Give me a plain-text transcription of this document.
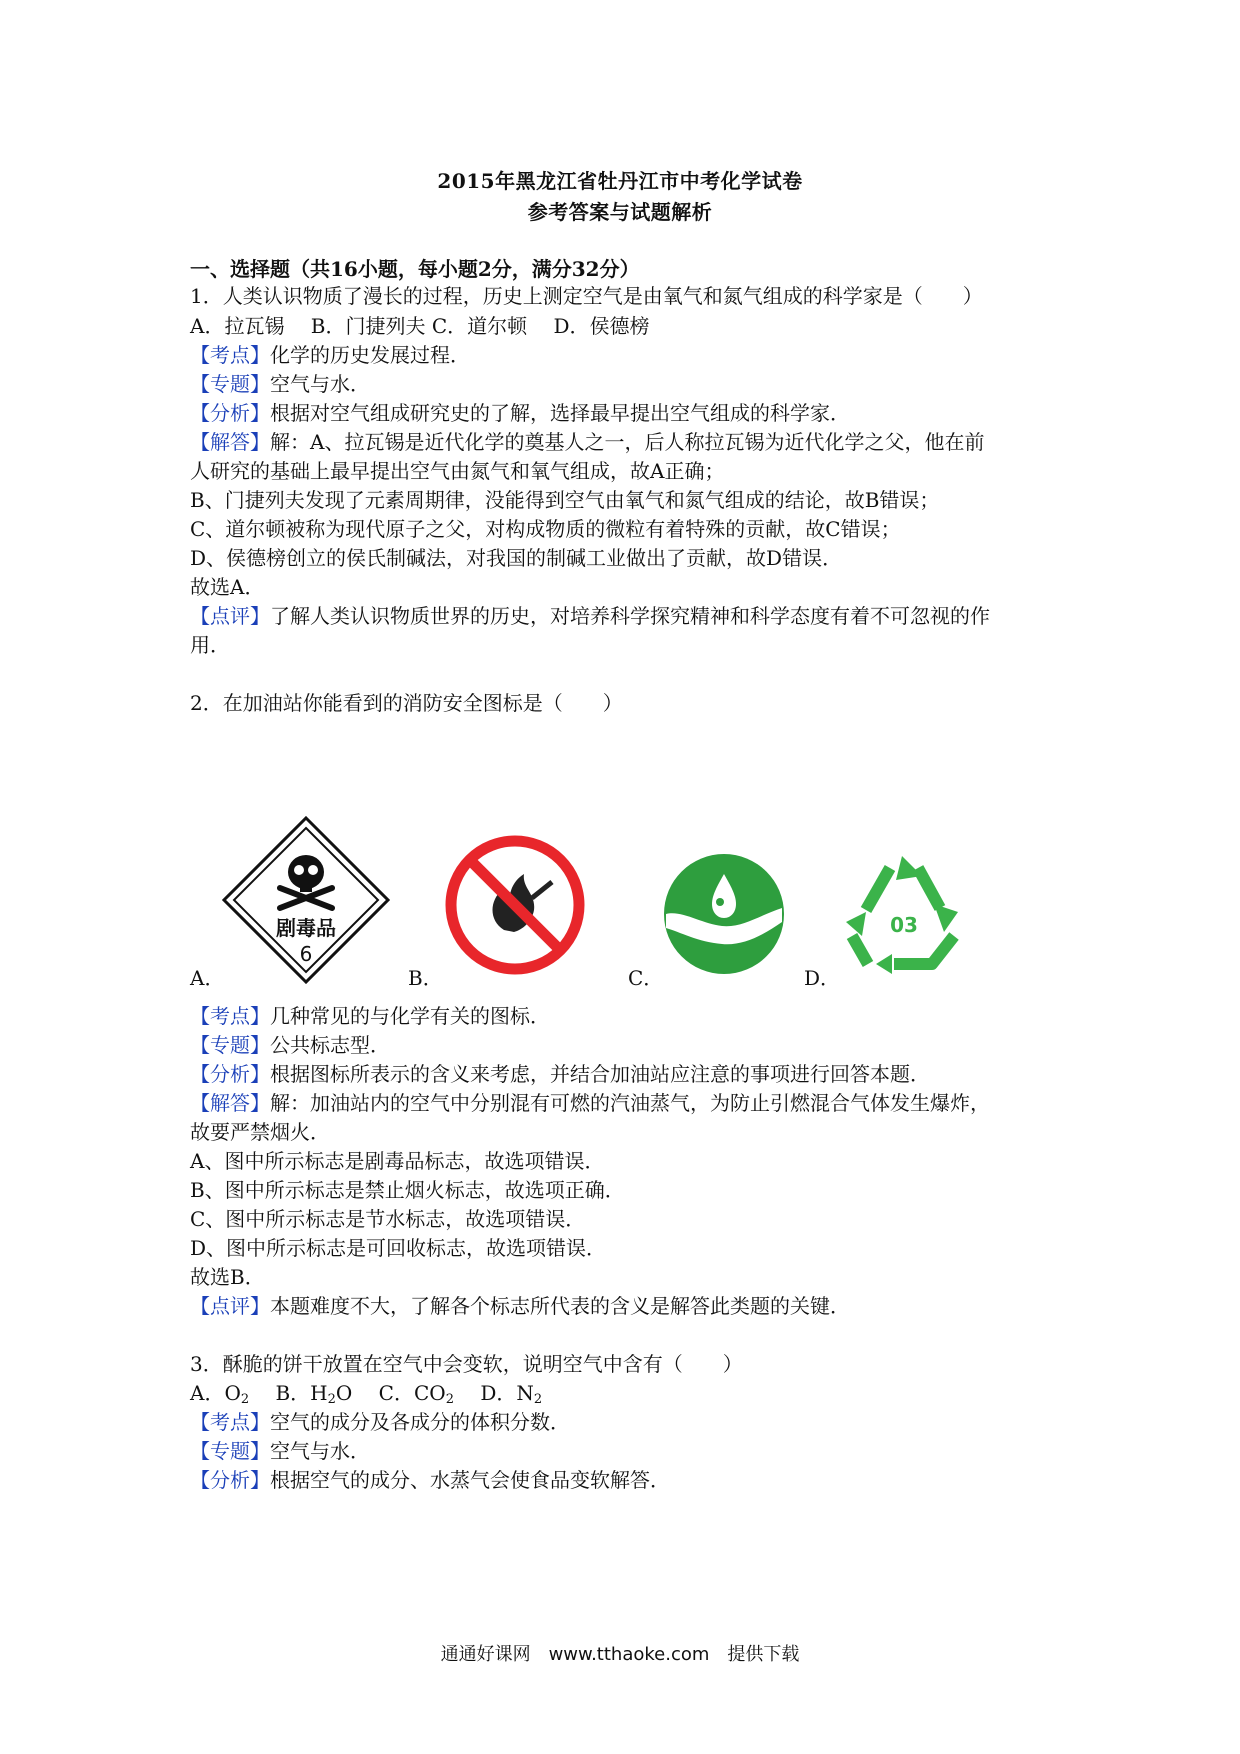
2015年黑龙江省牡丹江市中考化学试卷
参考答案与试题解析
一、选择题（共16小题，每小题2分，满分32分）
1．人类认识物质了漫长的过程，历史上测定空气是由氧气和氮气组成的科学家是（　　）
A．拉瓦锡　 B．门捷列夫 C．道尔顿　 D．侯德榜
【考点】化学的历史发展过程．
【专题】空气与水．
【分析】根据对空气组成研究史的了解，选择最早提出空气组成的科学家．
【解答】解：A、拉瓦锡是近代化学的奠基人之一，后人称拉瓦锡为近代化学之父，他在前
人研究的基础上最早提出空气由氮气和氧气组成，故A正确；
B、门捷列夫发现了元素周期律，没能得到空气由氧气和氮气组成的结论，故B错误；
C、道尔顿被称为现代原子之父，对构成物质的微粒有着特殊的贡献，故C错误；
D、侯德榜创立的侯氏制碱法，对我国的制碱工业做出了贡献，故D错误．
故选A．
【点评】了解人类认识物质世界的历史，对培养科学探究精神和科学态度有着不可忽视的作
用．
2．在加油站你能看到的消防安全图标是（　　）
剧毒品
6
A．	B．	C．
03
D．
【考点】几种常见的与化学有关的图标．
【专题】公共标志型．
【分析】根据图标所表示的含义来考虑，并结合加油站应注意的事项进行回答本题．
【解答】解：加油站内的空气中分别混有可燃的汽油蒸气，为防止引燃混合气体发生爆炸，
故要严禁烟火．
A、图中所示标志是剧毒品标志，故选项错误．
B、图中所示标志是禁止烟火标志，故选项正确．
C、图中所示标志是节水标志，故选项错误．
D、图中所示标志是可回收标志，故选项错误．
故选B．
【点评】本题难度不大，了解各个标志所代表的含义是解答此类题的关键．
3．酥脆的饼干放置在空气中会变软，说明空气中含有（　　）
A．$O_2$　 B．$H_2O$　 C．$CO_2$　 D．$N_2$
【考点】空气的成分及各成分的体积分数．
【专题】空气与水．
【分析】根据空气的成分、水蒸气会使食品变软解答．
通通好课网　www.tthaoke.com　提供下载
